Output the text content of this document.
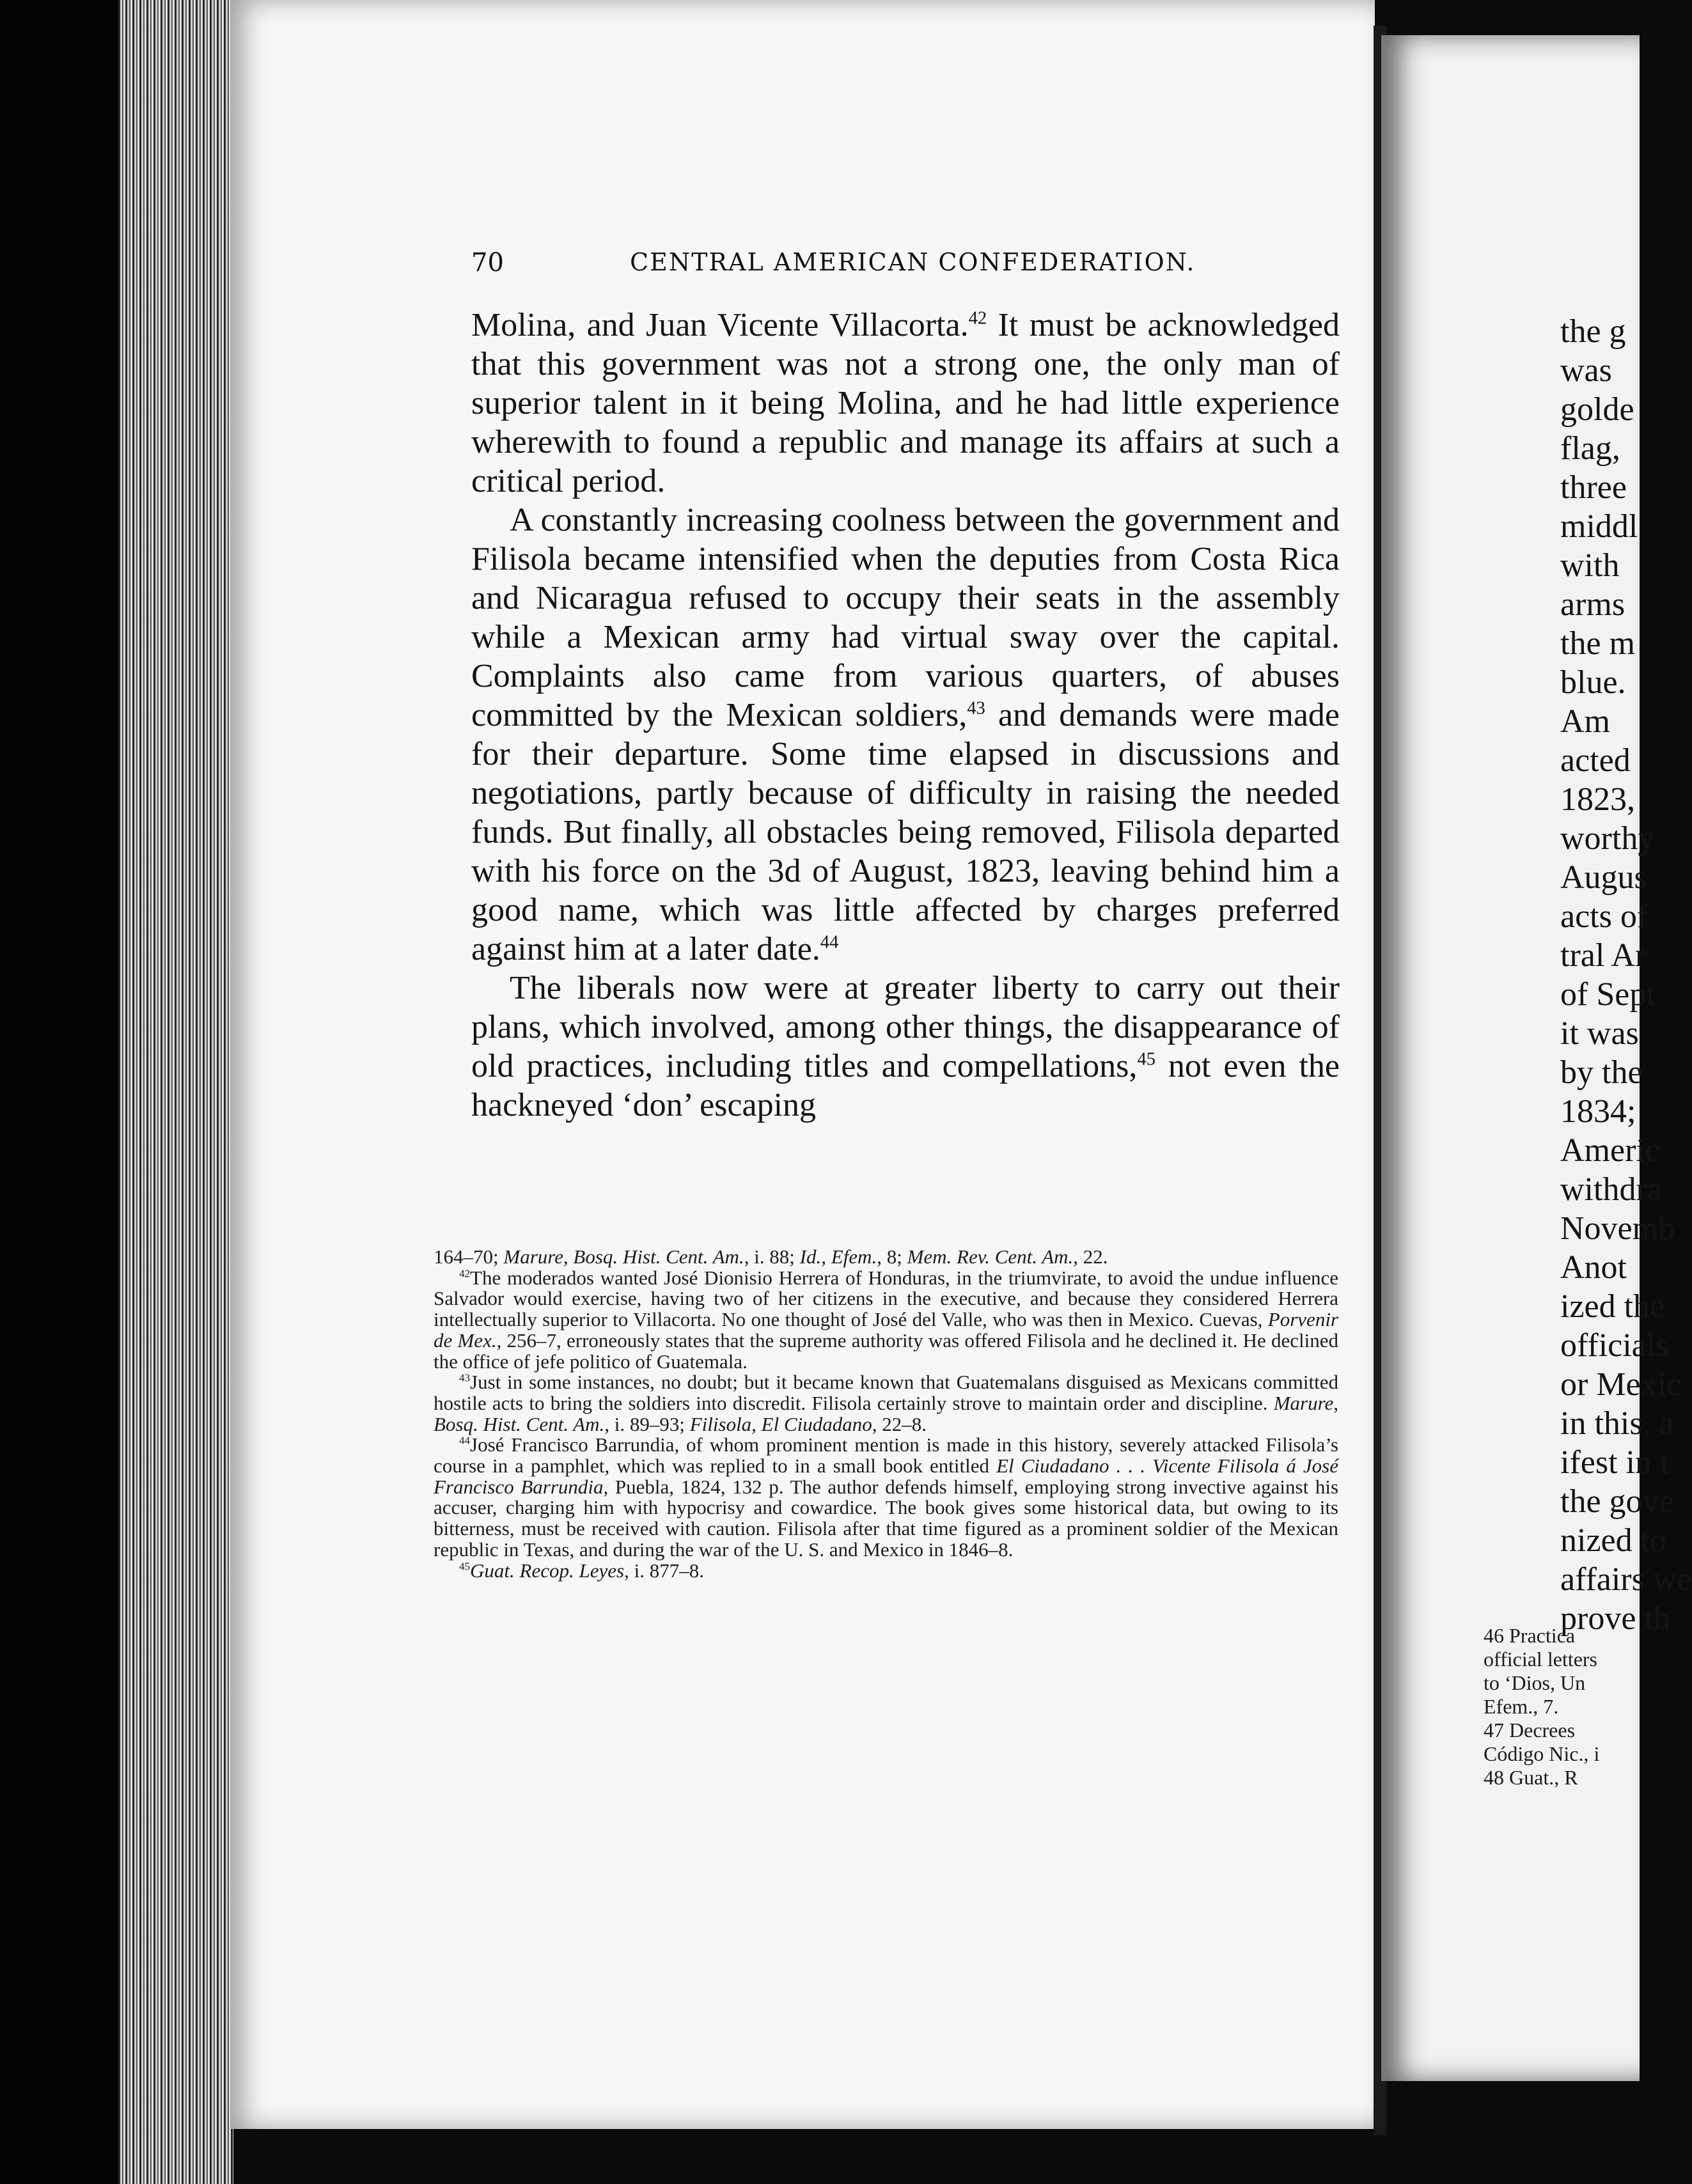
70	CENTRAL AMERICAN CONFEDERATION.

Molina, and Juan Vicente Villacorta.$^{42}$ It must be acknowledged that this government was not a strong one, the only man of superior talent in it being Molina, and he had little experience wherewith to found a republic and manage its affairs at such a critical period.

A constantly increasing coolness between the government and Filisola became intensified when the deputies from Costa Rica and Nicaragua refused to occupy their seats in the assembly while a Mexican army had virtual sway over the capital. Complaints also came from various quarters, of abuses committed by the Mexican soldiers,$^{43}$ and demands were made for their departure. Some time elapsed in discussions and negotiations, partly because of difficulty in raising the needed funds. But finally, all obstacles being removed, Filisola departed with his force on the 3d of August, 1823, leaving behind him a good name, which was little affected by charges preferred against him at a later date.$^{44}$

The liberals now were at greater liberty to carry out their plans, which involved, among other things, the disappearance of old practices, including titles and compellations,$^{45}$ not even the hackneyed ‘don’ escaping

164–70; Marure, Bosq. Hist. Cent. Am., i. 88; Id., Efem., 8; Mem. Rev. Cent. Am., 22.

$^{42}$The moderados wanted José Dionisio Herrera of Honduras, in the triumvirate, to avoid the undue influence Salvador would exercise, having two of her citizens in the executive, and because they considered Herrera intellectually superior to Villacorta. No one thought of José del Valle, who was then in Mexico. Cuevas, Porvenir de Mex., 256–7, erroneously states that the supreme authority was offered Filisola and he declined it. He declined the office of jefe politico of Guatemala.

$^{43}$Just in some instances, no doubt; but it became known that Guatemalans disguised as Mexicans committed hostile acts to bring the soldiers into discredit. Filisola certainly strove to maintain order and discipline. Marure, Bosq. Hist. Cent. Am., i. 89–93; Filisola, El Ciudadano, 22–8.

$^{44}$José Francisco Barrundia, of whom prominent mention is made in this history, severely attacked Filisola’s course in a pamphlet, which was replied to in a small book entitled El Ciudadano . . . Vicente Filisola á José Francisco Barrundia, Puebla, 1824, 132 p. The author defends himself, employing strong invective against his accuser, charging him with hypocrisy and cowardice. The book gives some historical data, but owing to its bitterness, must be received with caution. Filisola after that time figured as a prominent soldier of the Mexican republic in Texas, and during the war of the U. S. and Mexico in 1846–8.

$^{45}$Guat. Recop. Leyes, i. 877–8.

the g
was
golde
flag,
three
middl
with
arms
the m
blue.
Am
acted
1823,
worthy
Augus
acts of
tral Ar
of Sept
it was
by the
1834;
Americ
withdra
Novemb
Anot
ized the
officials
or Mexic
in this, a
ifest in t
the gove
nized to
affairs we
prove th
46 Practica
official letters
to ‘Dios, Un
Efem., 7.
47 Decrees
Código Nic., i
48 Guat., R
